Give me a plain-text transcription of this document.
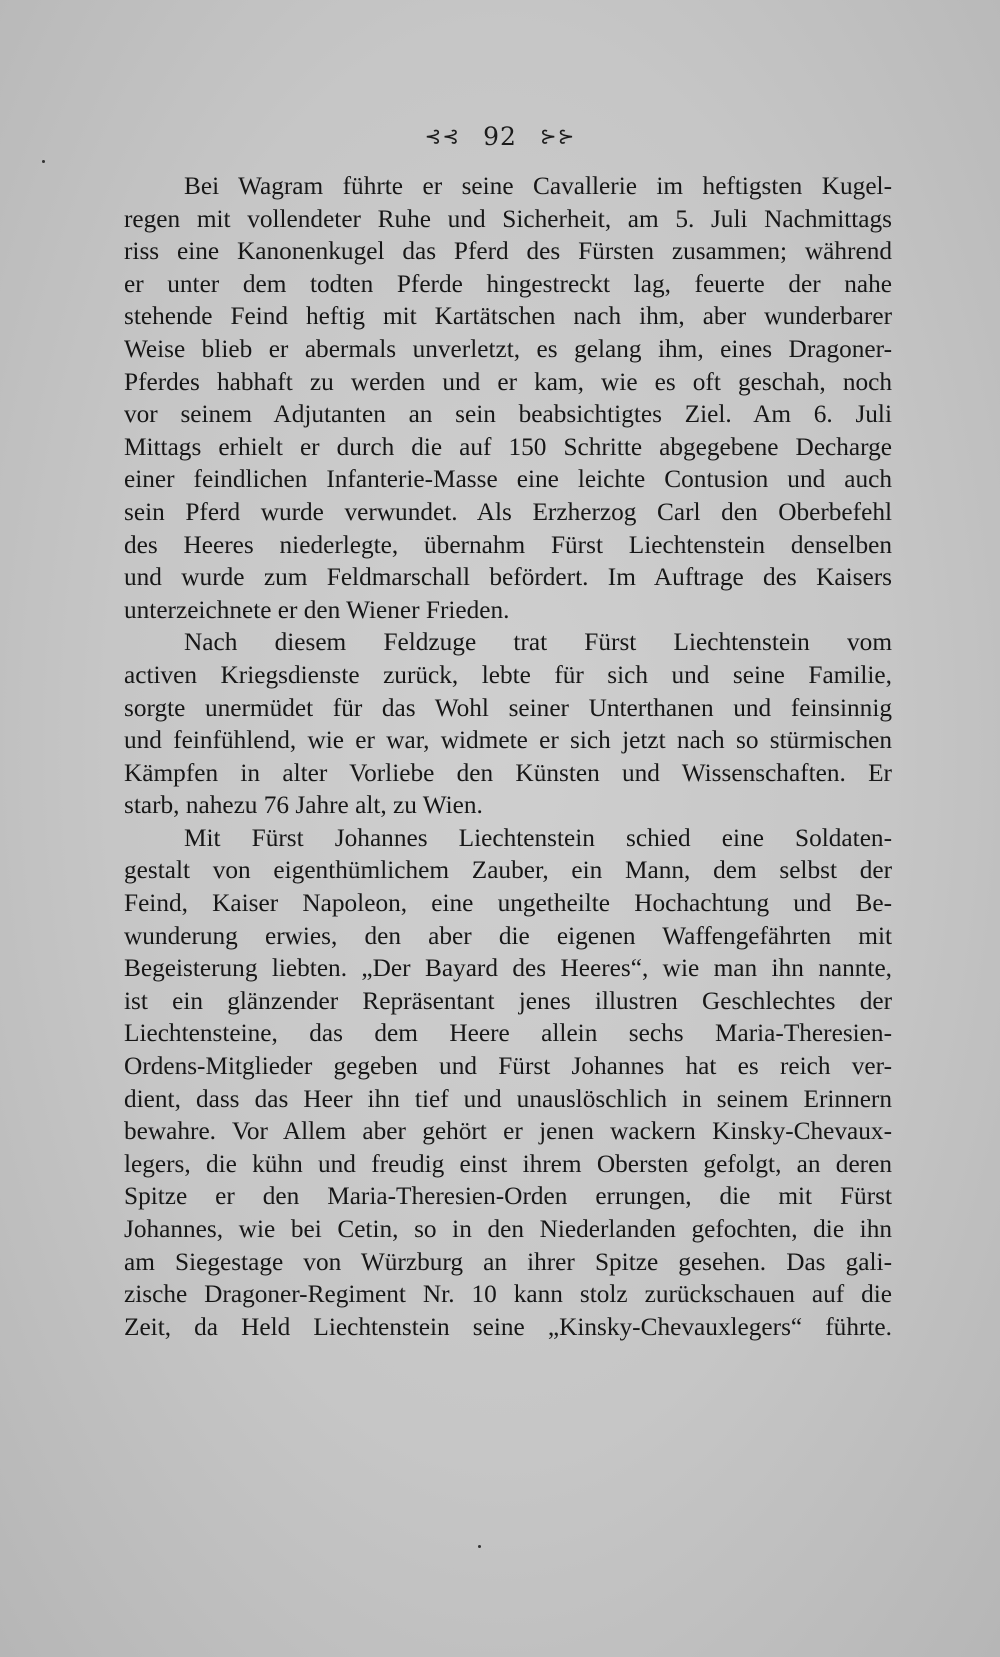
⊰⊰ 92 ⊱⊱
Bei Wagram führte er seine Cavallerie im heftigsten Kugel-
regen mit vollendeter Ruhe und Sicherheit, am 5. Juli Nachmittags
riss eine Kanonenkugel das Pferd des Fürsten zusammen; während
er unter dem todten Pferde hingestreckt lag, feuerte der nahe
stehende Feind heftig mit Kartätschen nach ihm, aber wunderbarer
Weise blieb er abermals unverletzt, es gelang ihm, eines Dragoner-
Pferdes habhaft zu werden und er kam, wie es oft geschah, noch
vor seinem Adjutanten an sein beabsichtigtes Ziel. Am 6. Juli
Mittags erhielt er durch die auf 150 Schritte abgegebene Decharge
einer feindlichen Infanterie-Masse eine leichte Contusion und auch
sein Pferd wurde verwundet. Als Erzherzog Carl den Oberbefehl
des Heeres niederlegte, übernahm Fürst Liechtenstein denselben
und wurde zum Feldmarschall befördert. Im Auftrage des Kaisers
unterzeichnete er den Wiener Frieden.
Nach diesem Feldzuge trat Fürst Liechtenstein vom
activen Kriegsdienste zurück, lebte für sich und seine Familie,
sorgte unermüdet für das Wohl seiner Unterthanen und feinsinnig
und feinfühlend, wie er war, widmete er sich jetzt nach so stürmischen
Kämpfen in alter Vorliebe den Künsten und Wissenschaften. Er
starb, nahezu 76 Jahre alt, zu Wien.
Mit Fürst Johannes Liechtenstein schied eine Soldaten-
gestalt von eigenthümlichem Zauber, ein Mann, dem selbst der
Feind, Kaiser Napoleon, eine ungetheilte Hochachtung und Be-
wunderung erwies, den aber die eigenen Waffengefährten mit
Begeisterung liebten. „Der Bayard des Heeres“, wie man ihn nannte,
ist ein glänzender Repräsentant jenes illustren Geschlechtes der
Liechtensteine, das dem Heere allein sechs Maria-Theresien-
Ordens-Mitglieder gegeben und Fürst Johannes hat es reich ver-
dient, dass das Heer ihn tief und unauslöschlich in seinem Erinnern
bewahre. Vor Allem aber gehört er jenen wackern Kinsky-Chevaux-
legers, die kühn und freudig einst ihrem Obersten gefolgt, an deren
Spitze er den Maria-Theresien-Orden errungen, die mit Fürst
Johannes, wie bei Cetin, so in den Niederlanden gefochten, die ihn
am Siegestage von Würzburg an ihrer Spitze gesehen. Das gali-
zische Dragoner-Regiment Nr. 10 kann stolz zurückschauen auf die
Zeit, da Held Liechtenstein seine „Kinsky-Chevauxlegers“ führte.
